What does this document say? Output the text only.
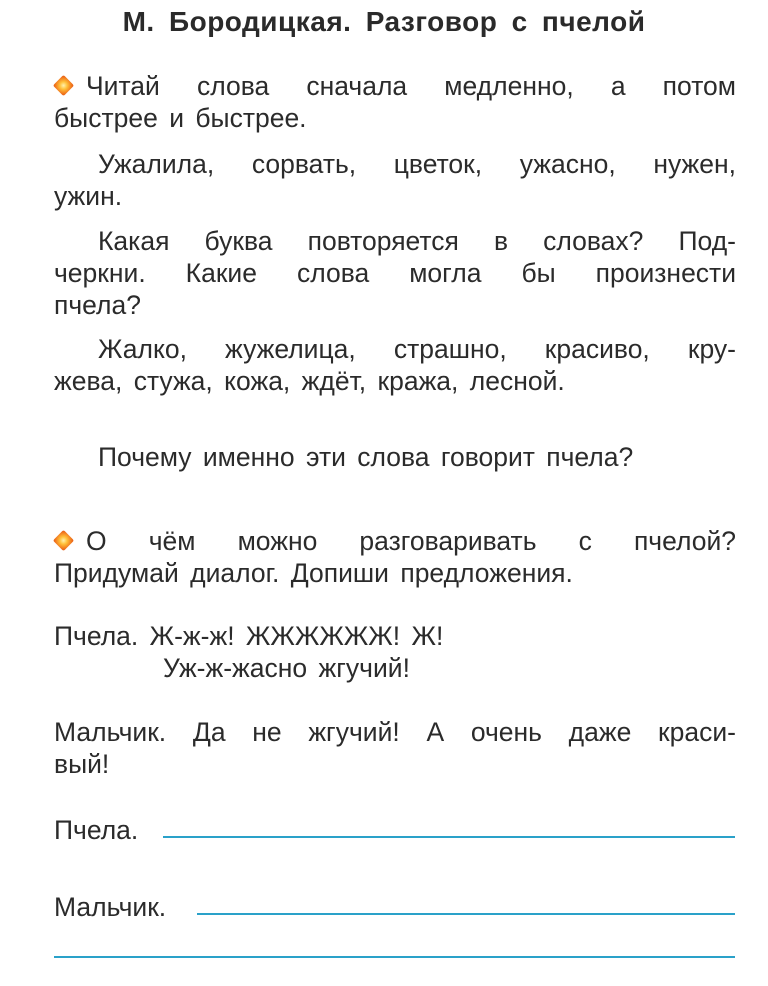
М. Бородицкая. Разговор с пчелой
Читай слова сначала медленно, а потом
быстрее и быстрее.
Ужалила, сорвать, цветок, ужасно, нужен,
ужин.
Какая буква повторяется в словах? Под-
черкни. Какие слова могла бы произнести
пчела?
Жалко, жужелица, страшно, красиво, кру-
жева, стужа, кожа, ждёт, кража, лесной.
Почему именно эти слова говорит пчела?
О чём можно разговаривать с пчелой?
Придумай диалог. Допиши предложения.
Пчела. Ж-ж-ж! ЖЖЖЖЖЖ! Ж!
Уж-ж-жасно жгучий!
Мальчик. Да не жгучий! А очень даже краси-
вый!
Пчела.
Мальчик.
